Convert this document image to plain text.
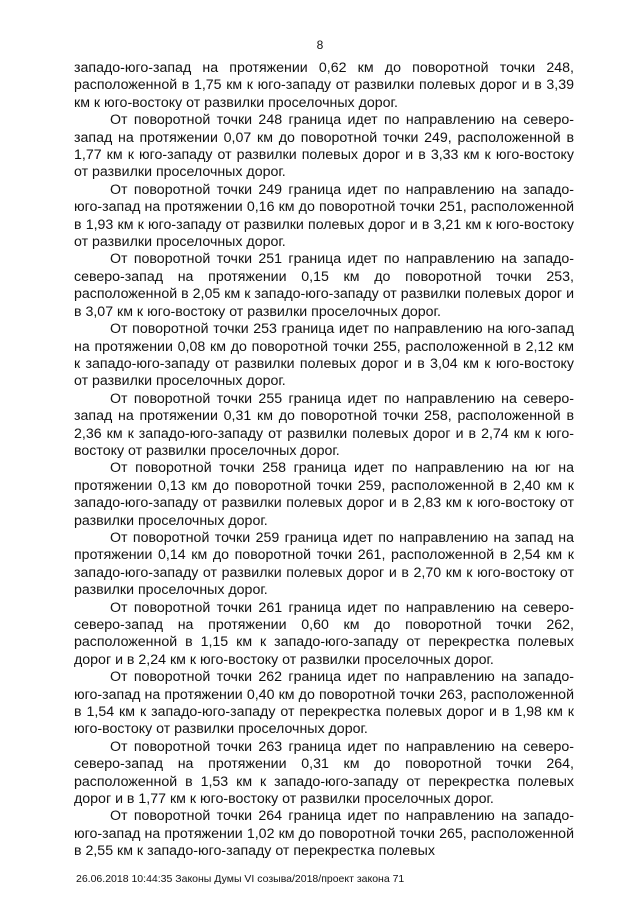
8

западо-юго-запад на протяжении 0,62 км до поворотной точки 248, расположенной в 1,75 км к юго-западу от развилки полевых дорог и в 3,39 км к юго-востоку от развилки проселочных дорог.

От поворотной точки 248 граница идет по направлению на северо-запад на протяжении 0,07 км до поворотной точки 249, расположенной в 1,77 км к юго-западу от развилки полевых дорог и в 3,33 км к юго-востоку от развилки проселочных дорог.

От поворотной точки 249 граница идет по направлению на западо-юго-запад на протяжении 0,16 км до поворотной точки 251, расположенной в 1,93 км к юго-западу от развилки полевых дорог и в 3,21 км к юго-востоку от развилки проселочных дорог.

От поворотной точки 251 граница идет по направлению на западо-северо-запад на протяжении 0,15 км до поворотной точки 253, расположенной в 2,05 км к западо-юго-западу от развилки полевых дорог и в 3,07 км к юго-востоку от развилки проселочных дорог.

От поворотной точки 253 граница идет по направлению на юго-запад на протяжении 0,08 км до поворотной точки 255, расположенной в 2,12 км к западо-юго-западу от развилки полевых дорог и в 3,04 км к юго-востоку от развилки проселочных дорог.

От поворотной точки 255 граница идет по направлению на северо-запад на протяжении 0,31 км до поворотной точки 258, расположенной в 2,36 км к западо-юго-западу от развилки полевых дорог и в 2,74 км к юго-востоку от развилки проселочных дорог.

От поворотной точки 258 граница идет по направлению на юг на протяжении 0,13 км до поворотной точки 259, расположенной в 2,40 км к западо-юго-западу от развилки полевых дорог и в 2,83 км к юго-востоку от развилки проселочных дорог.

От поворотной точки 259 граница идет по направлению на запад на протяжении 0,14 км до поворотной точки 261, расположенной в 2,54 км к западо-юго-западу от развилки полевых дорог и в 2,70 км к юго-востоку от развилки проселочных дорог.

От поворотной точки 261 граница идет по направлению на северо-северо-запад на протяжении 0,60 км до поворотной точки 262, расположенной в 1,15 км к западо-юго-западу от перекрестка полевых дорог и в 2,24 км к юго-востоку от развилки проселочных дорог.

От поворотной точки 262 граница идет по направлению на западо-юго-запад на протяжении 0,40 км до поворотной точки 263, расположенной в 1,54 км к западо-юго-западу от перекрестка полевых дорог и в 1,98 км к юго-востоку от развилки проселочных дорог.

От поворотной точки 263 граница идет по направлению на северо-северо-запад на протяжении 0,31 км до поворотной точки 264, расположенной в 1,53 км к западо-юго-западу от перекрестка полевых дорог и в 1,77 км к юго-востоку от развилки проселочных дорог.

От поворотной точки 264 граница идет по направлению на западо-юго-запад на протяжении 1,02 км до поворотной точки 265, расположенной в 2,55 км к западо-юго-западу от перекрестка полевых

26.06.2018 10:44:35 Законы Думы VI созыва/2018/проект закона 71
